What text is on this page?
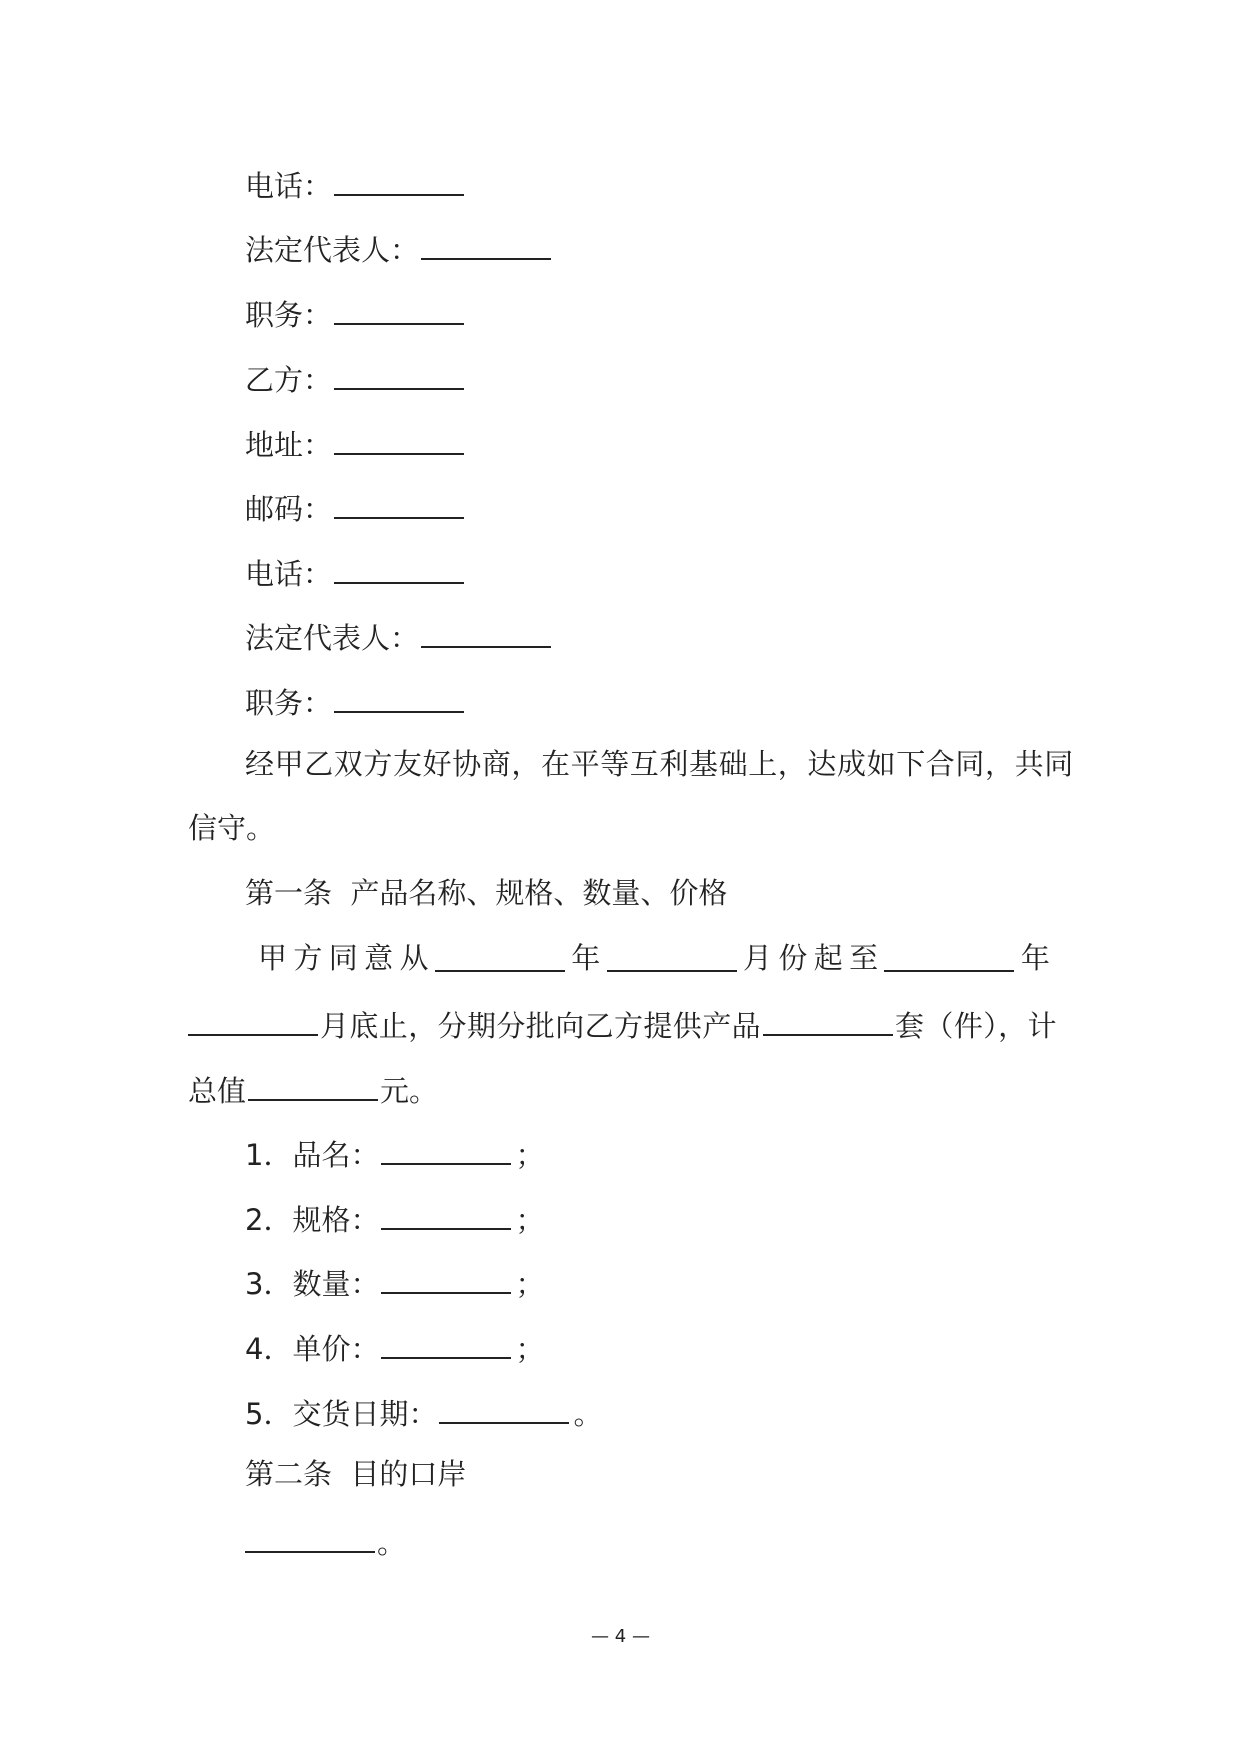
电话：
法定代表人：
职务：
乙方：
地址：
邮码：
电话：
法定代表人：
职务：
经甲乙双方友好协商，在平等互利基础上，达成如下合同，共同
信守。
第一条  产品名称、规格、数量、价格
甲 方 同 意 从	年	月 份 起 至	年
月底止，分期分批向乙方提供产品	套（件），计
总值	元。
1．品名：	；
2．规格：	；
3．数量：	；
4．单价：	；
5．交货日期：	。
第二条  目的口岸
。
— 4 —
